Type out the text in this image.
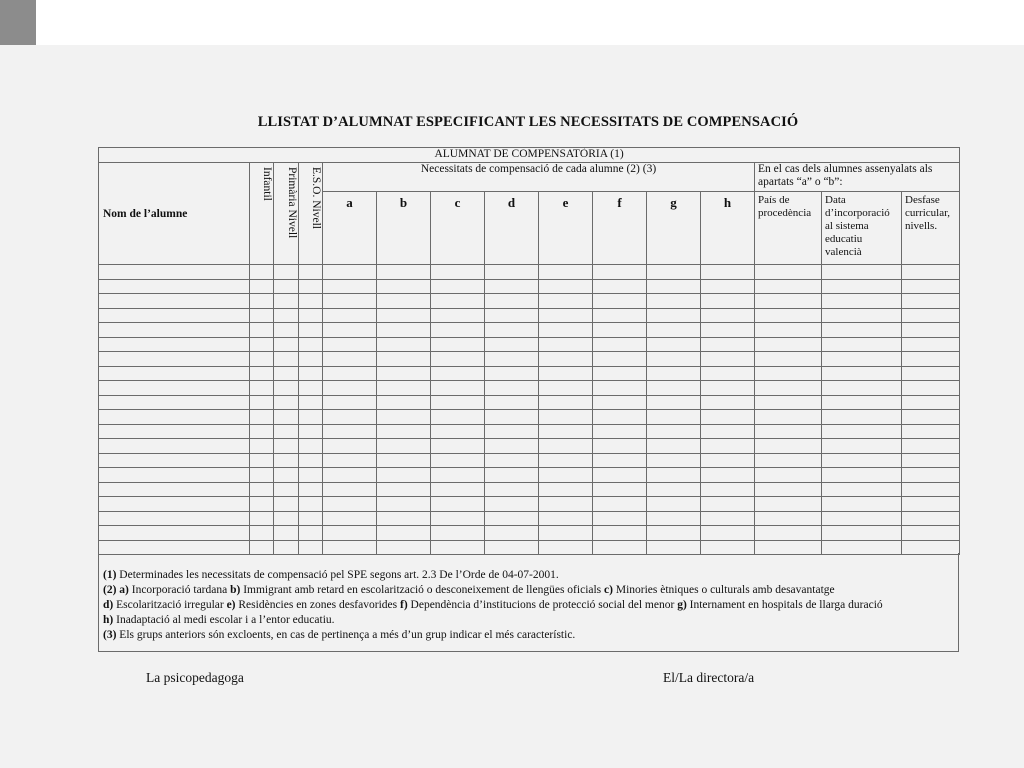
LLISTAT D’ALUMNAT ESPECIFICANT LES NECESSITATS DE COMPENSACIÓ
ALUMNAT DE COMPENSATÒRIA (1)														
Nom de l’alumne	Infantil	Primària Nivell	E.S.O. Nivell	Necessitats de compensació de cada alumne (2) (3)								En el cas dels alumnes assenyalats als apartats “a” o “b”:		
				a	b	c	d	e	f	g	h	País de procedència	Data d’incorporació al sistema educatiu valencià	Desfase curricular, nivells.

(1) Determinades les necessitats de compensació pel SPE segons art. 2.3 De l’Orde de 04-07-2001.
(2) a) Incorporació tardana b) Immigrant amb retard en escolarització o desconeixement de llengües oficials c) Minories ètniques o culturals amb desavantatge
d) Escolarització irregular e) Residències en zones desfavorides f) Dependència d’institucions de protecció social del menor g) Internament en hospitals de llarga duració
h) Inadaptació al medi escolar i a l’entor educatiu.
(3) Els grups anteriors són excloents, en cas de pertinença a més d’un grup indicar el més característic.
La psicopedagoga	El/La directora/a
